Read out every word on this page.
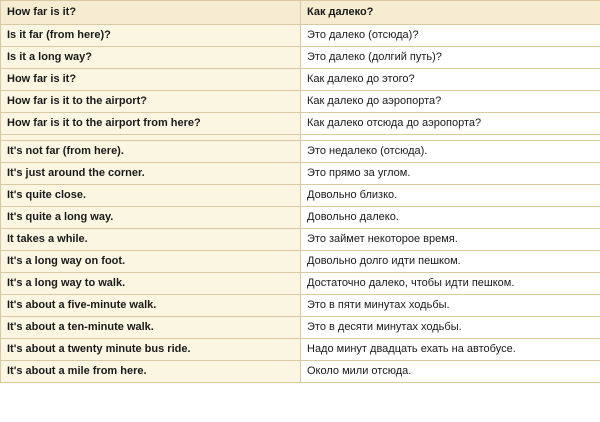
How far is it?	Как далеко?
Is it far (from here)?	Это далеко (отсюда)?
Is it a long way?	Это далеко (долгий путь)?
How far is it?	Как далеко до этого?
How far is it to the airport?	Как далеко до аэропорта?
How far is it to the airport from here?	Как далеко отсюда до аэропорта?

It's not far (from here).	Это недалеко (отсюда).
It's just around the corner.	Это прямо за углом.
It's quite close.	Довольно близко.
It's quite a long way.	Довольно далеко.
It takes a while.	Это займет некоторое время.
It's a long way on foot.	Довольно долго идти пешком.
It's a long way to walk.	Достаточно далеко, чтобы идти пешком.
It's about a five-minute walk.	Это в пяти минутах ходьбы.
It's about a ten-minute walk.	Это в десяти минутах ходьбы.
It's about a twenty minute bus ride.	Надо минут двадцать ехать на автобусе.
It's about a mile from here.	Около мили отсюда.
